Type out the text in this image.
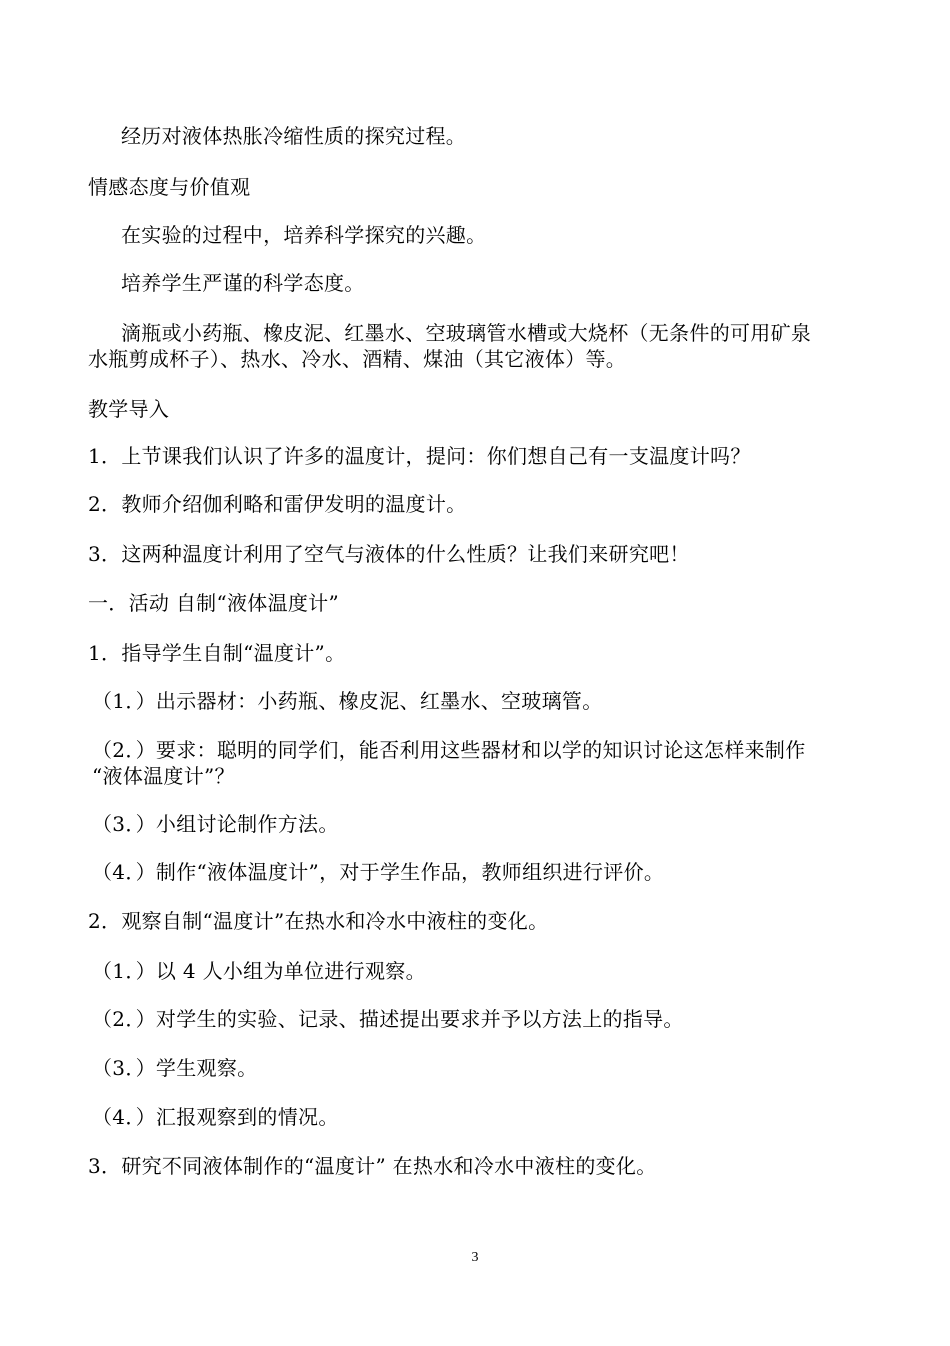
经历对液体热胀冷缩性质的探究过程。
情感态度与价值观
在实验的过程中，培养科学探究的兴趣。
培养学生严谨的科学态度。
滴瓶或小药瓶、橡皮泥、红墨水、空玻璃管水槽或大烧杯（无条件的可用矿泉
水瓶剪成杯子）、热水、冷水、酒精、煤油（其它液体）等。
教学导入
1．上节课我们认识了许多的温度计，提问：你们想自己有一支温度计吗？
2．教师介绍伽利略和雷伊发明的温度计。
3．这两种温度计利用了空气与液体的什么性质？让我们来研究吧！
一．活动 自制“液体温度计”
1．指导学生自制“温度计”。
（1．）出示器材：小药瓶、橡皮泥、红墨水、空玻璃管。
（2．）要求：聪明的同学们，能否利用这些器材和以学的知识讨论这怎样来制作
“液体温度计”？
（3．）小组讨论制作方法。
（4．）制作“液体温度计”，对于学生作品，教师组织进行评价。
2．观察自制“温度计”在热水和冷水中液柱的变化。
（1．）以 4 人小组为单位进行观察。
（2．）对学生的实验、记录、描述提出要求并予以方法上的指导。
（3．）学生观察。
（4．）汇报观察到的情况。
3．研究不同液体制作的“温度计” 在热水和冷水中液柱的变化。
3
